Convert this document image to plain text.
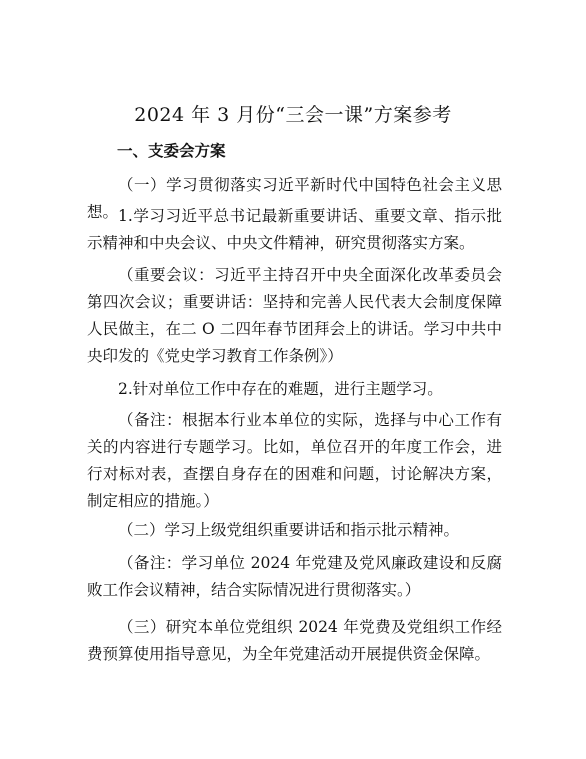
2024 年 3 月份“三会一课”方案参考
一、支委会方案

（一）学习贯彻落实习近平新时代中国特色社会主义思想。 1.学习习近平总书记最新重要讲话、重要文章、指示批示精神和中央会议、中央文件精神，研究贯彻落实方案。

（重要会议：习近平主持召开中央全面深化改革委员会第四次会议；重要讲话：坚持和完善人民代表大会制度保障人民做主，在二 O 二四年春节团拜会上的讲话。学习中共中央印发的《党史学习教育工作条例》）

2.针对单位工作中存在的难题，进行主题学习。

（备注：根据本行业本单位的实际，选择与中心工作有关的内容进行专题学习。比如，单位召开的年度工作会，进行对标对表，查摆自身存在的困难和问题，讨论解决方案，制定相应的措施。）

（二）学习上级党组织重要讲话和指示批示精神。

（备注：学习单位 2024 年党建及党风廉政建设和反腐败工作会议精神，结合实际情况进行贯彻落实。）

（三）研究本单位党组织 2024 年党费及党组织工作经费预算使用指导意见，为全年党建活动开展提供资金保障。
